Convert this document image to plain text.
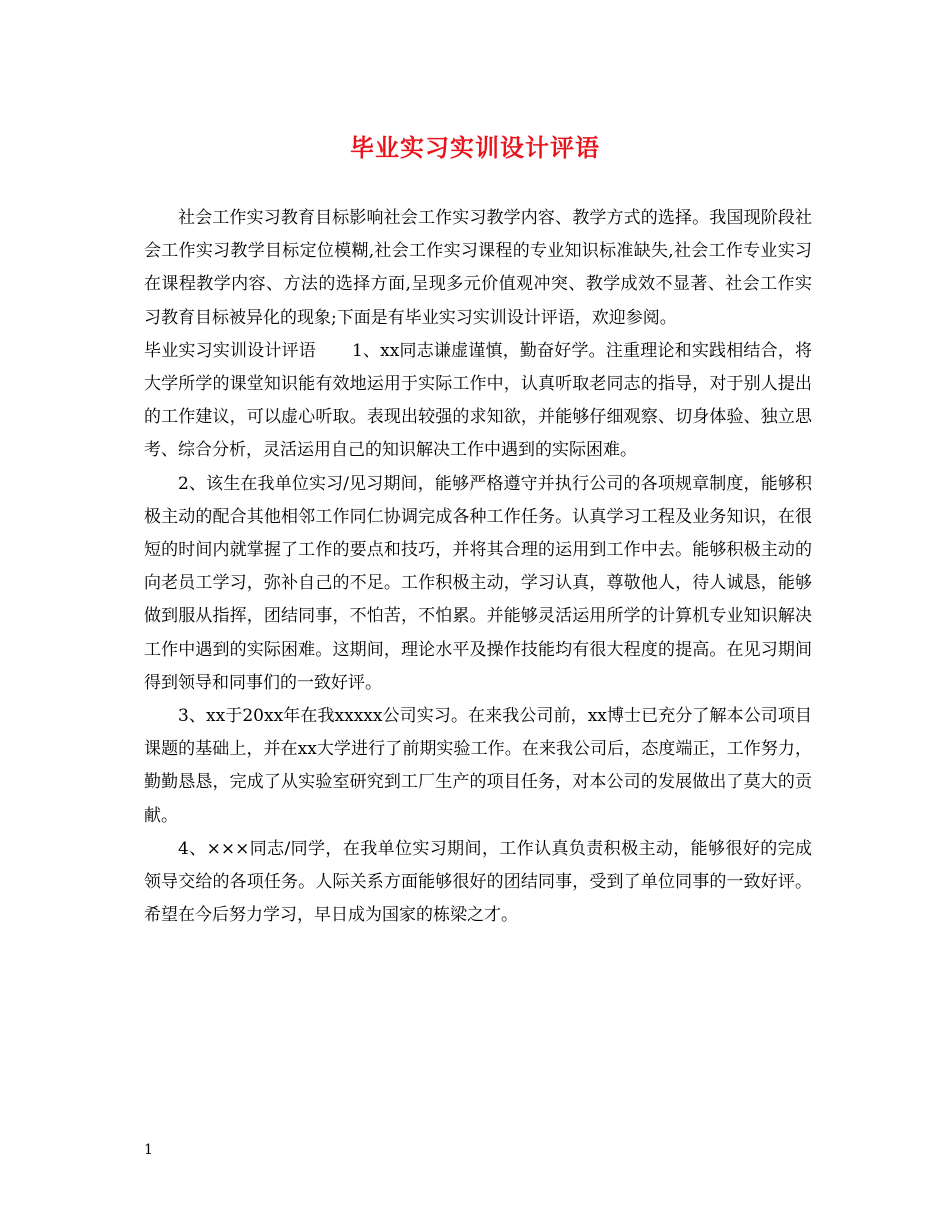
毕业实习实训设计评语

社会工作实习教育目标影响社会工作实习教学内容、教学方式的选择。我国现阶段社会工作实习教学目标定位模糊,社会工作实习课程的专业知识标准缺失,社会工作专业实习在课程教学内容、方法的选择方面,呈现多元价值观冲突、教学成效不显著、社会工作实习教育目标被异化的现象;下面是有毕业实习实训设计评语，欢迎参阅。

毕业实习实训设计评语 1、xx同志谦虚谨慎，勤奋好学。注重理论和实践相结合，将大学所学的课堂知识能有效地运用于实际工作中，认真听取老同志的指导，对于别人提出的工作建议，可以虚心听取。表现出较强的求知欲，并能够仔细观察、切身体验、独立思考、综合分析，灵活运用自己的知识解决工作中遇到的实际困难。

2、该生在我单位实习/见习期间，能够严格遵守并执行公司的各项规章制度，能够积极主动的配合其他相邻工作同仁协调完成各种工作任务。认真学习工程及业务知识，在很短的时间内就掌握了工作的要点和技巧，并将其合理的运用到工作中去。能够积极主动的向老员工学习，弥补自己的不足。工作积极主动，学习认真，尊敬他人，待人诚恳，能够做到服从指挥，团结同事，不怕苦，不怕累。并能够灵活运用所学的计算机专业知识解决工作中遇到的实际困难。这期间，理论水平及操作技能均有很大程度的提高。在见习期间得到领导和同事们的一致好评。

3、xx于20xx年在我xxxxx公司实习。在来我公司前，xx博士已充分了解本公司项目课题的基础上，并在xx大学进行了前期实验工作。在来我公司后，态度端正，工作努力，勤勤恳恳，完成了从实验室研究到工厂生产的项目任务，对本公司的发展做出了莫大的贡献。

4、×××同志/同学，在我单位实习期间，工作认真负责积极主动，能够很好的完成领导交给的各项任务。人际关系方面能够很好的团结同事，受到了单位同事的一致好评。希望在今后努力学习，早日成为国家的栋梁之才。

1
